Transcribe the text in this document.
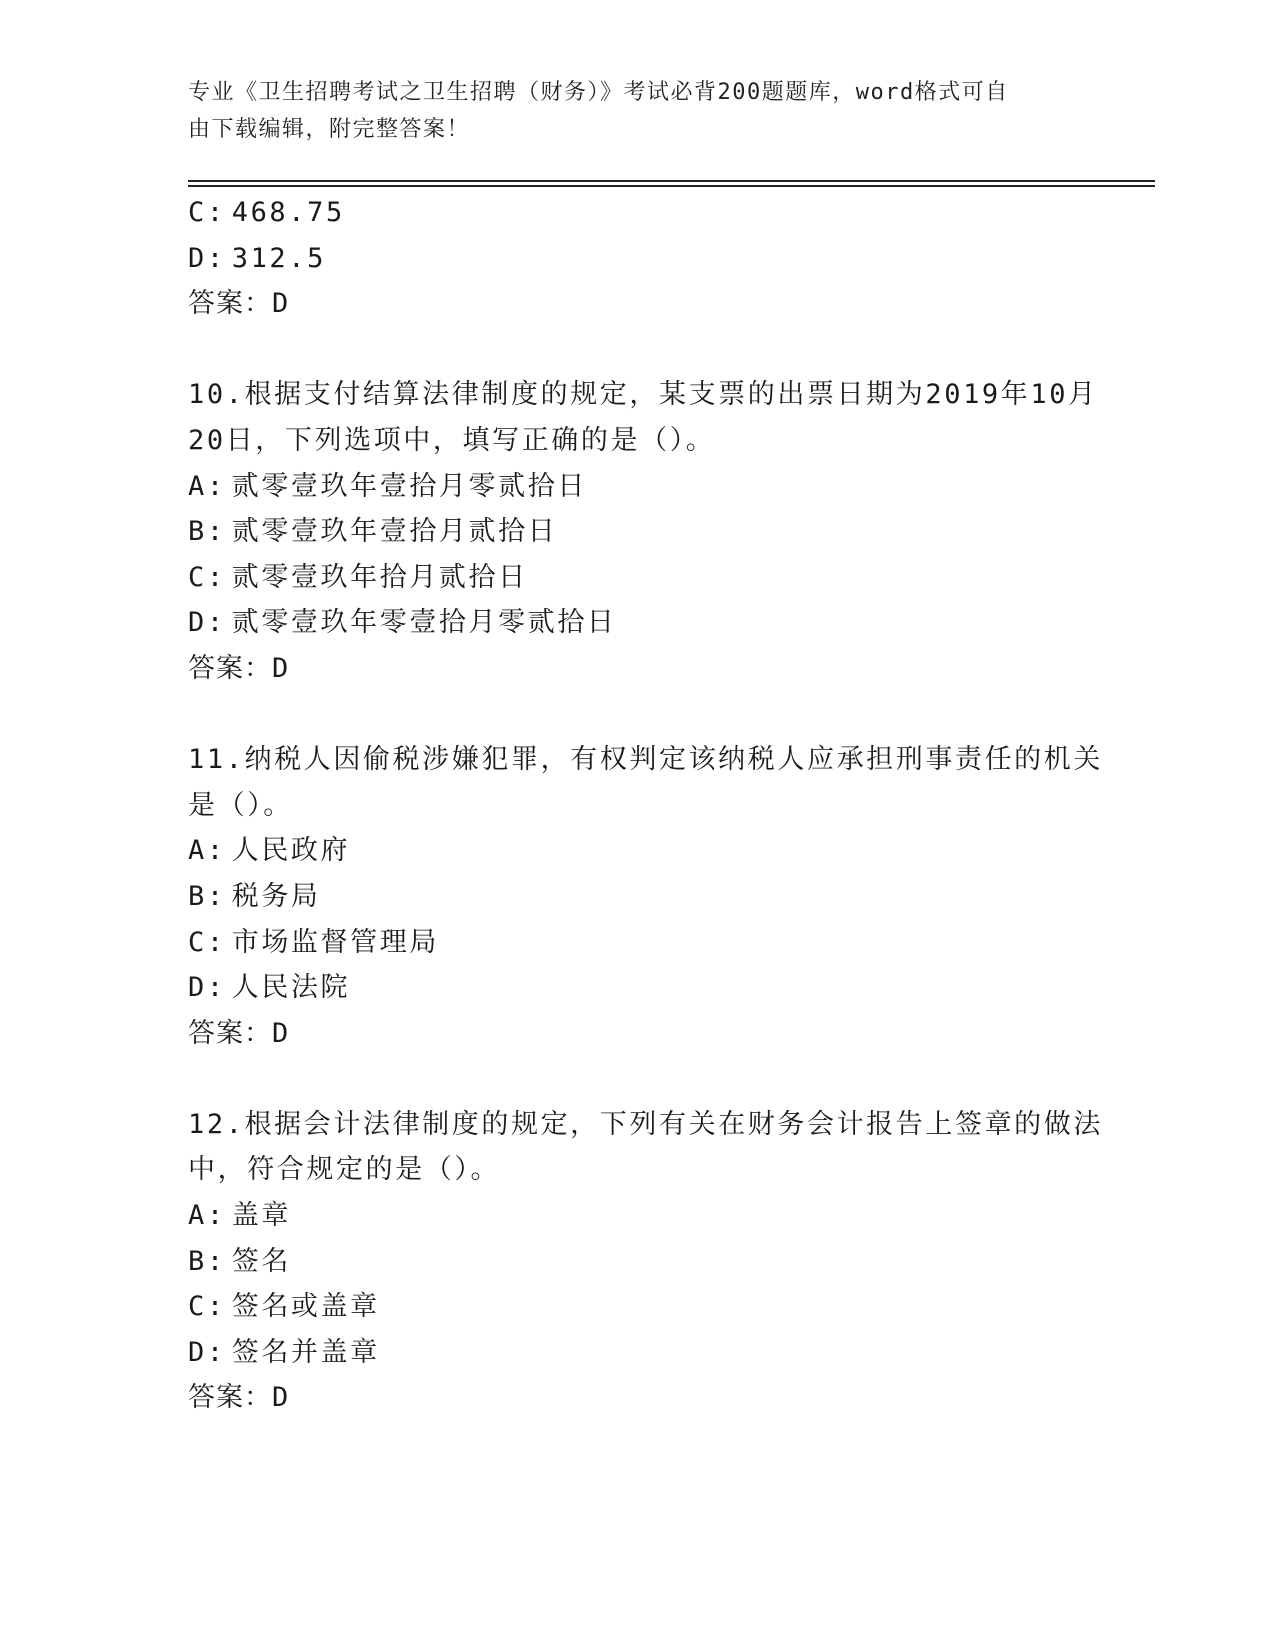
专业《卫生招聘考试之卫生招聘（财务）》考试必背200题题库，word格式可自
由下载编辑，附完整答案！
C: 468.75
D: 312.5
答案：D
10.根据支付结算法律制度的规定，某支票的出票日期为2019年10月
20日，下列选项中，填写正确的是（）。
A: 贰零壹玖年壹拾月零贰拾日
B: 贰零壹玖年壹拾月贰拾日
C: 贰零壹玖年拾月贰拾日
D: 贰零壹玖年零壹拾月零贰拾日
答案：D
11.纳税人因偷税涉嫌犯罪，有权判定该纳税人应承担刑事责任的机关
是（）。
A: 人民政府
B: 税务局
C: 市场监督管理局
D: 人民法院
答案：D
12.根据会计法律制度的规定，下列有关在财务会计报告上签章的做法
中，符合规定的是（）。
A: 盖章
B: 签名
C: 签名或盖章
D: 签名并盖章
答案：D
